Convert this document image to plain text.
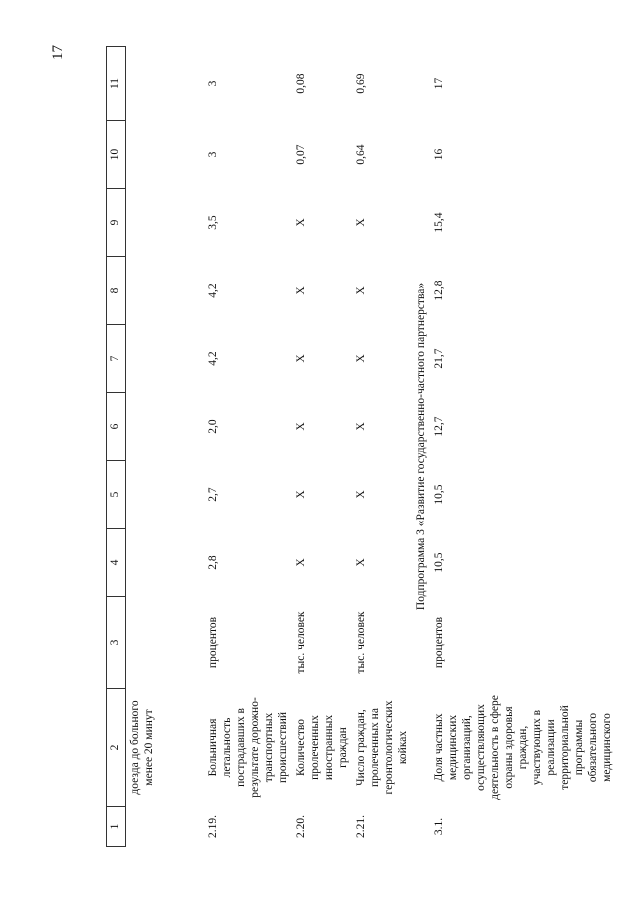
17
1	2	3	4	5	6	7	8	9	10	11
	доезда до больного менее 20 минут									

2.19.	Больничная летальность пострадавших в результате дорожно-транспортных происшествий	процентов	2,8	2,7	2,0	4,2	4,2	3,5	3	3
2.20.	Количество пролеченных иностранных граждан	тыс. человек	X	X	X	X	X	X	0,07	0,08
2.21.	Число граждан, пролеченных на геронтологических койках	тыс. человек	X	X	X	X	X	X	0,64	0,69
Подпрограмма 3 «Развитие государственно-частного партнерства»										
3.1.	Доля частных медицинских организаций, осуществляющих деятельность в сфере охраны здоровья граждан, участвующих в реализации территориальной программы обязательного медицинского	процентов	10,5	10,5	12,7	21,7	12,8	15,4	16	17
